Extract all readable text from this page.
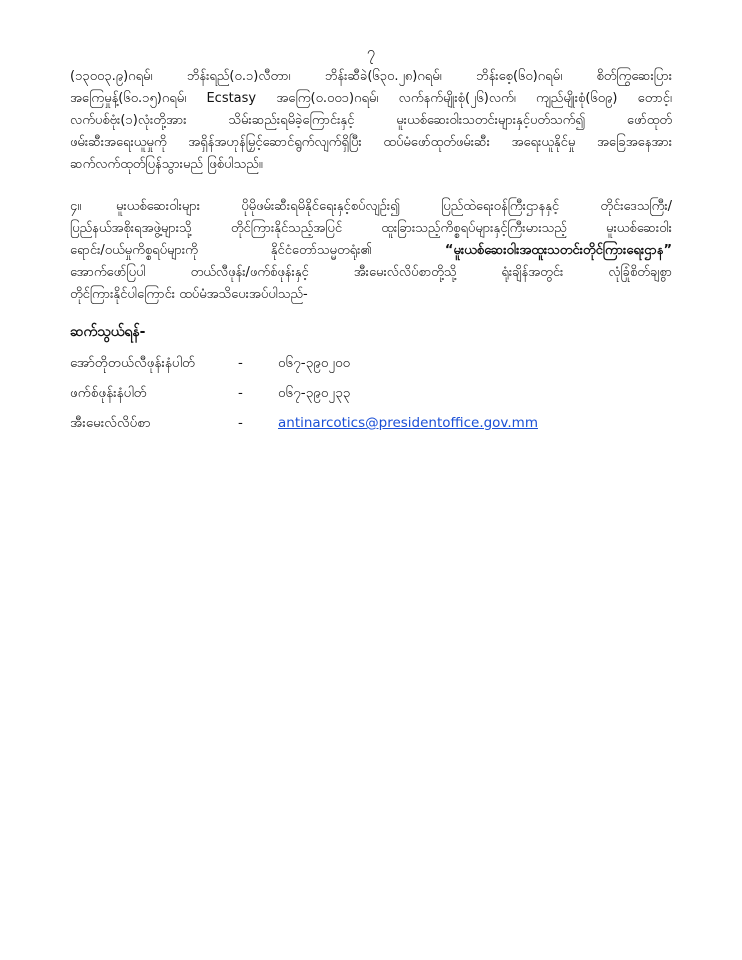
၇
(၁၃၀၀၃.၉)ဂရမ်၊ ဘိန်းရည်(၀.၁)လီတာ၊ ဘိန်းဆီခဲ(၆၃၀.၂၈)ဂရမ်၊ ဘိန်းစေ့(၆၀)ဂရမ်၊ စိတ်ကြွဆေးပြား
အကြေမှုန့်(၆၀.၁၅)ဂရမ်၊ Ecstasy အကြေ(၀.၀၀၁)ဂရမ်၊ လက်နက်မျိုးစုံ(၂၆)လက်၊ ကျည်မျိုးစုံ(၆၀၉) တောင့်၊
လက်ပစ်ဗုံး(၁)လုံးတို့အား သိမ်းဆည်းရမိခဲ့ကြောင်းနှင့် မူးယစ်ဆေးဝါးသတင်းများနှင့်ပတ်သက်၍ ဖော်ထုတ်
ဖမ်းဆီးအရေးယူမှုကို အရှိန်အဟုန်မြှင့်ဆောင်ရွက်လျက်ရှိပြီး ထပ်မံဖော်ထုတ်ဖမ်းဆီး အရေးယူနိုင်မှု အခြေအနေအား
ဆက်လက်ထုတ်ပြန်သွားမည် ဖြစ်ပါသည်။
၄။	မူးယစ်ဆေးဝါးများ ပိုမိုဖမ်းဆီးရမိနိုင်ရေးနှင့်စပ်လျဉ်း၍ ပြည်ထဲရေးဝန်ကြီးဌာနနှင့် တိုင်းဒေသကြီး/
ပြည်နယ်အစိုးရအဖွဲ့များသို့ တိုင်ကြားနိုင်သည့်အပြင် ထူးခြားသည့်ကိစ္စရပ်များနှင့်ကြီးမားသည့် မူးယစ်ဆေးဝါး
ရောင်း/ဝယ်မှုကိစ္စရပ်များကို နိုင်ငံတော်သမ္မတရုံး၏	“မူးယစ်ဆေးဝါးအထူးသတင်းတိုင်ကြားရေးဌာန”
အောက်ဖော်ပြပါ တယ်လီဖုန်း/ဖက်စ်ဖုန်းနှင့် အီးမေးလ်လိပ်စာတို့သို့ ရုံးချိန်အတွင်း လုံခြုံစိတ်ချစွာ
တိုင်ကြားနိုင်ပါကြောင်း ထပ်မံအသိပေးအပ်ပါသည်-
ဆက်သွယ်ရန်-
အော်တိုတယ်လီဖုန်းနံပါတ်	-	၀၆၇-၃၉၀၂၀၀
ဖက်စ်ဖုန်းနံပါတ်	-	၀၆၇-၃၉၀၂၃၃
အီးမေးလ်လိပ်စာ	-	antinarcotics@presidentoffice.gov.mm
